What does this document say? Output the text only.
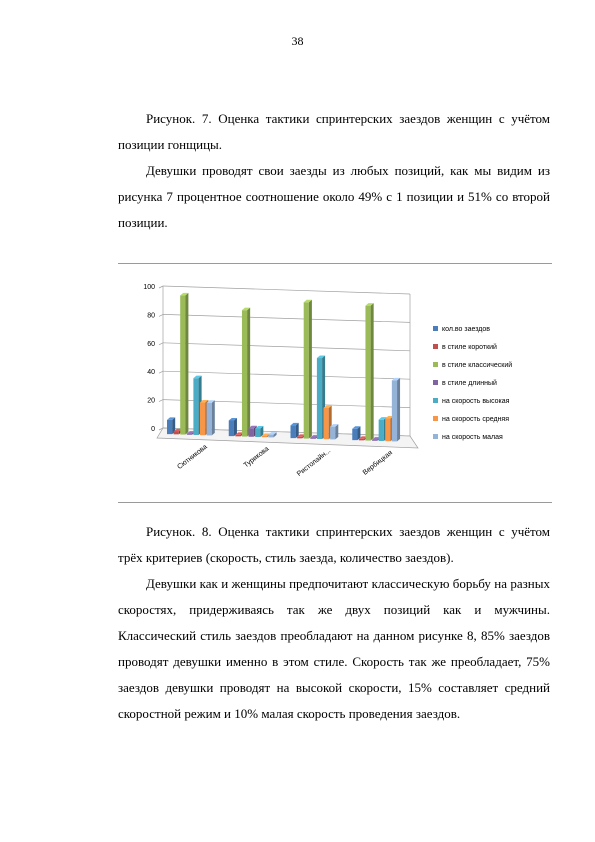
38

Рисунок. 7. Оценка тактики спринтерских заездов женщин с учётом позиции гонщицы.

Девушки проводят свои заезды из любых позиций, как мы видим из рисунка 7 процентное соотношение около 49% с 1 позиции и 51% со второй позиции.

0
20
40
60
80
100
Сютникова	Турикова	Ристолайн...	Вербицкая
кол.во заездов
в стиле короткий
в стиле классический
в стиле длинный
на скорость высокая
на скорость средняя
на скорость малая

Рисунок. 8. Оценка тактики спринтерских заездов женщин с учётом трёх критериев (скорость, стиль заезда, количество заездов).

Девушки как и женщины предпочитают классическую борьбу на разных скоростях, придерживаясь так же двух позиций как и мужчины. Классический стиль заездов преобладают на данном рисунке 8, 85% заездов проводят девушки именно в этом стиле. Скорость так же преобладает, 75% заездов девушки проводят на высокой скорости, 15% составляет средний скоростной режим и 10% малая скорость проведения заездов.
